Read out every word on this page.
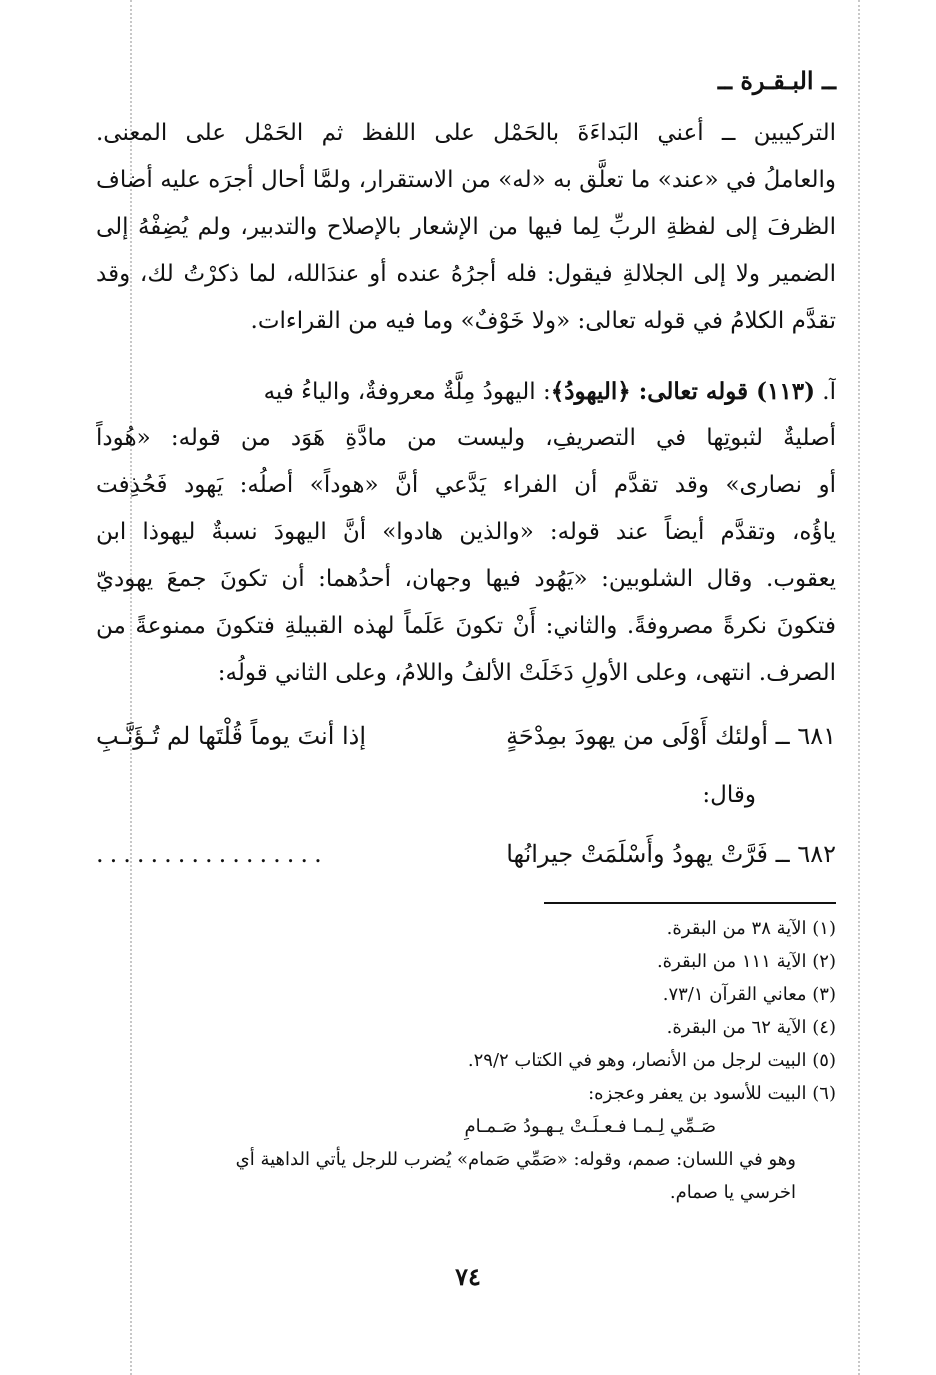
ــ البـقـرة ــ
التركيبين ــ أعني البَداءَةَ بالحَمْل على اللفظ ثم الحَمْل على المعنى.
والعاملُ في «عند» ما تعلَّق به «له» من الاستقرار، ولمَّا أحال أجرَه عليه أضاف
الظرفَ إلى لفظةِ الربِّ لِما فيها من الإشعار بالإصلاح والتدبير، ولم يُضِفْهُ إلى
الضمير ولا إلى الجلالةِ فيقول: فله أجرُهُ عنده أو عندَالله، لما ذكرْتُ لك، وقد
تقدَّم الكلامُ في قوله تعالى: «ولا خَوْفٌ» وما فيه من القراءات.
آ. (١١٣) قوله تعالى: ﴿اليهودُ﴾: اليهودُ مِلَّةٌ معروفةٌ، والياءُ فيه
أصليةٌ لثبوتِها في التصريفِ، وليست من مادَّةِ هَوَد من قوله: «هُوداً
أو نصارى» وقد تقدَّم أن الفراء يَدَّعي أنَّ «هوداً» أصلُه: يَهود فَحُذِفت
ياؤُه، وتقدَّم أيضاً عند قوله: «والذين هادوا» أنَّ اليهودَ نسبةٌ ليهوذا ابن
يعقوب. وقال الشلوبين: «يَهُود فيها وجهان، أحدُهما: أن تكونَ جمعَ يهوديّ
فتكونَ نكرةً مصروفةً. والثاني: أَنْ تكونَ عَلَماً لهذه القبيلةِ فتكونَ ممنوعةً من
الصرف. انتهى، وعلى الأولِ دَخَلَتْ الألفُ واللامُ، وعلى الثاني قولُه:
٦٨١ ــ أولئك أَوْلَى من يهودَ بمِدْحَةٍ
إذا أنتَ يوماً قُلْتَها لم تُـؤَنَّـبِ
وقال:
٦٨٢ ــ فَرَّتْ يهودُ وأَسْلَمَتْ جيرانُها
.................
(١) الآية ٣٨ من البقرة.
(٢) الآية ١١١ من البقرة.
(٣) معاني القرآن ٧٣/١.
(٤) الآية ٦٢ من البقرة.
(٥) البيت لرجل من الأنصار، وهو في الكتاب ٢٩/٢.
(٦) البيت للأسود بن يعفر وعجزه:
صَـمِّي لِـمـا فـعـلَـتْ يـهـودُ صَـمـامِ
وهو في اللسان: صمم، وقوله: «صَمِّي صَمام» يُضرب للرجل يأتي الداهية أي
اخرسي يا صمام.
٧٤
